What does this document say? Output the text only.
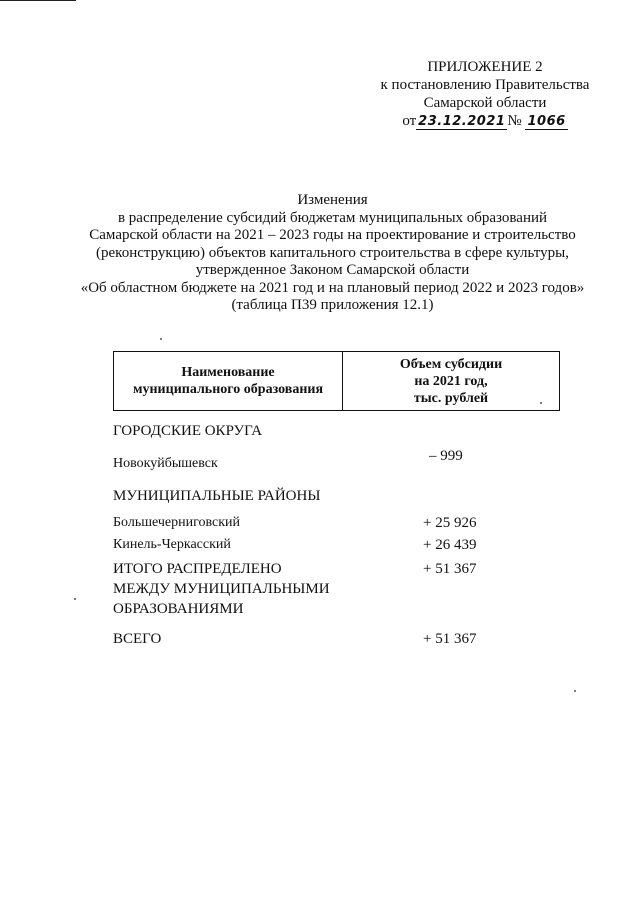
ПРИЛОЖЕНИЕ 2
к постановлению Правительства
Самарской области
от 23.12.2021 № 1066
Изменения
в распределение субсидий бюджетам муниципальных образований
Самарской области на 2021 – 2023 годы на проектирование и строительство
(реконструкцию) объектов капитального строительства в сфере культуры,
утвержденное Законом Самарской области
«Об областном бюджете на 2021 год и на плановый период 2022 и 2023 годов»
(таблица П39 приложения 12.1)
Наименование
муниципального образования
Объем субсидии
на 2021 год,
тыс. рублей
ГОРОДСКИЕ ОКРУГА
Новокуйбышевск	– 999
МУНИЦИПАЛЬНЫЕ РАЙОНЫ
Большечерниговский	+ 25 926
Кинель-Черкасский	+ 26 439
ИТОГО РАСПРЕДЕЛЕНО
МЕЖДУ МУНИЦИПАЛЬНЫМИ
ОБРАЗОВАНИЯМИ
+ 51 367
ВСЕГО	+ 51 367
